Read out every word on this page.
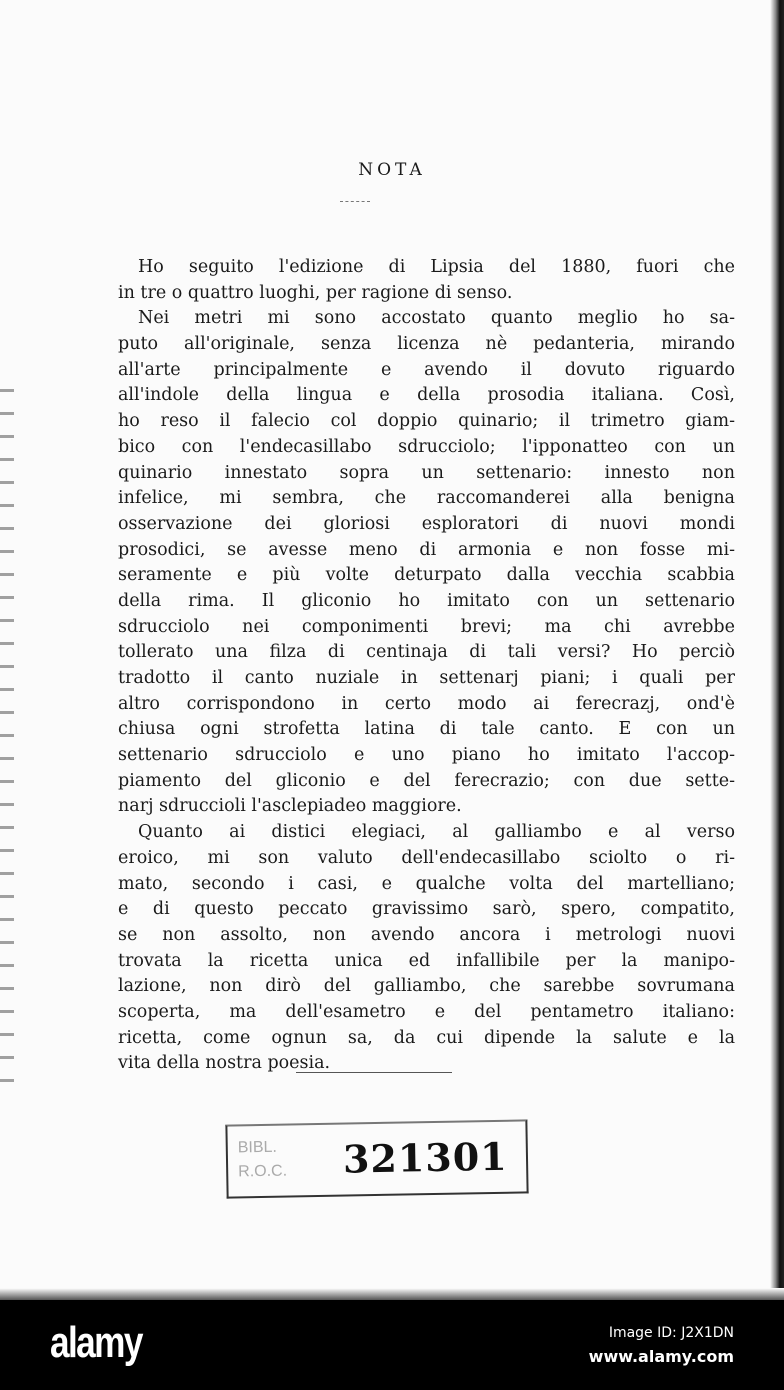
NOTA
Ho seguito l'edizione di Lipsia del 1880, fuori che
in tre o quattro luoghi, per ragione di senso.
Nei metri mi sono accostato quanto meglio ho sa-
puto all'originale, senza licenza nè pedanteria, mirando
all'arte principalmente e avendo il dovuto riguardo
all'indole della lingua e della prosodia italiana. Così,
ho reso il falecio col doppio quinario; il trimetro giam-
bico con l'endecasillabo sdrucciolo; l'ipponatteo con un
quinario innestato sopra un settenario: innesto non
infelice, mi sembra, che raccomanderei alla benigna
osservazione dei gloriosi esploratori di nuovi mondi
prosodici, se avesse meno di armonia e non fosse mi-
seramente e più volte deturpato dalla vecchia scabbia
della rima. Il gliconio ho imitato con un settenario
sdrucciolo nei componimenti brevi; ma chi avrebbe
tollerato una filza di centinaja di tali versi? Ho perciò
tradotto il canto nuziale in settenarj piani; i quali per
altro corrispondono in certo modo ai ferecrazj, ond'è
chiusa ogni strofetta latina di tale canto. E con un
settenario sdrucciolo e uno piano ho imitato l'accop-
piamento del gliconio e del ferecrazio; con due sette-
narj sdruccioli l'asclepiadeo maggiore.
Quanto ai distici elegiaci, al galliambo e al verso
eroico, mi son valuto dell'endecasillabo sciolto o ri-
mato, secondo i casi, e qualche volta del martelliano;
e di questo peccato gravissimo sarò, spero, compatito,
se non assolto, non avendo ancora i metrologi nuovi
trovata la ricetta unica ed infallibile per la manipo-
lazione, non dirò del galliambo, che sarebbe sovrumana
scoperta, ma dell'esametro e del pentametro italiano:
ricetta, come ognun sa, da cui dipende la salute e la
vita della nostra poesia.
BIBL.
R.O.C. 321301
alamy	Image ID: J2X1DN
www.alamy.com
